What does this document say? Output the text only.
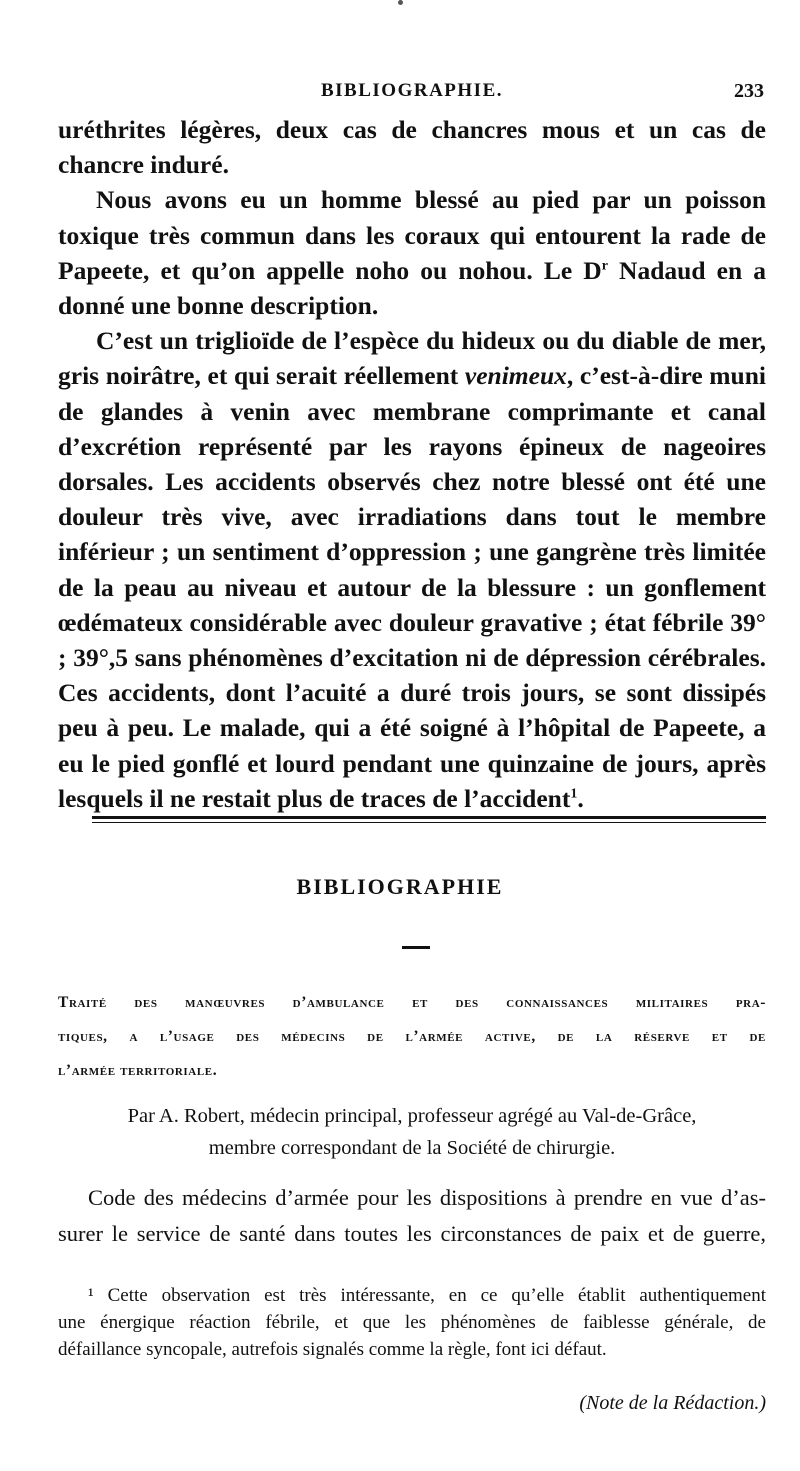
BIBLIOGRAPHIE.	233

uréthrites légères, deux cas de chancres mous et un cas de chancre induré.

Nous avons eu un homme blessé au pied par un poisson toxique très commun dans les coraux qui entourent la rade de Papeete, et qu’on appelle noho ou nohou. Le $D^r$ Nadaud en a donné une bonne description.

C’est un triglioïde de l’espèce du hideux ou du diable de mer, gris noirâtre, et qui serait réellement venimeux, c’est-à-dire muni de glandes à venin avec membrane comprimante et canal d’excrétion représenté par les rayons épineux de nageoires dorsales. Les accidents observés chez notre blessé ont été une douleur très vive, avec irradiations dans tout le membre inférieur ; un sentiment d’oppression ; une gangrène très limitée de la peau au niveau et autour de la blessure : un gonflement œdémateux considérable avec douleur gravative ; état fébrile 39° ; 39°,5 sans phénomènes d’excitation ni de dépression cérébrales. Ces accidents, dont l’acuité a duré trois jours, se sont dissipés peu à peu. Le malade, qui a été soigné à l’hôpital de Papeete, a eu le pied gonflé et lourd pendant une quinzaine de jours, après lesquels il ne restait plus de traces de l’accident$^1$.

BIBLIOGRAPHIE
Traité des manœuvres d’ambulance et des connaissances militaires pra-
tiques, a l’usage des médecins de l’armée active, de la réserve et de
l’armée territoriale.
Par A. Robert, médecin principal, professeur agrégé au Val-de-Grâce,
membre correspondant de la Société de chirurgie.
Code des médecins d’armée pour les dispositions à prendre en vue d’as-
surer le service de santé dans toutes les circonstances de paix et de guerre,
¹ Cette observation est très intéressante, en ce qu’elle établit authentiquement
une énergique réaction fébrile, et que les phénomènes de faiblesse générale, de
défaillance syncopale, autrefois signalés comme la règle, font ici défaut.
(Note de la Rédaction.)
